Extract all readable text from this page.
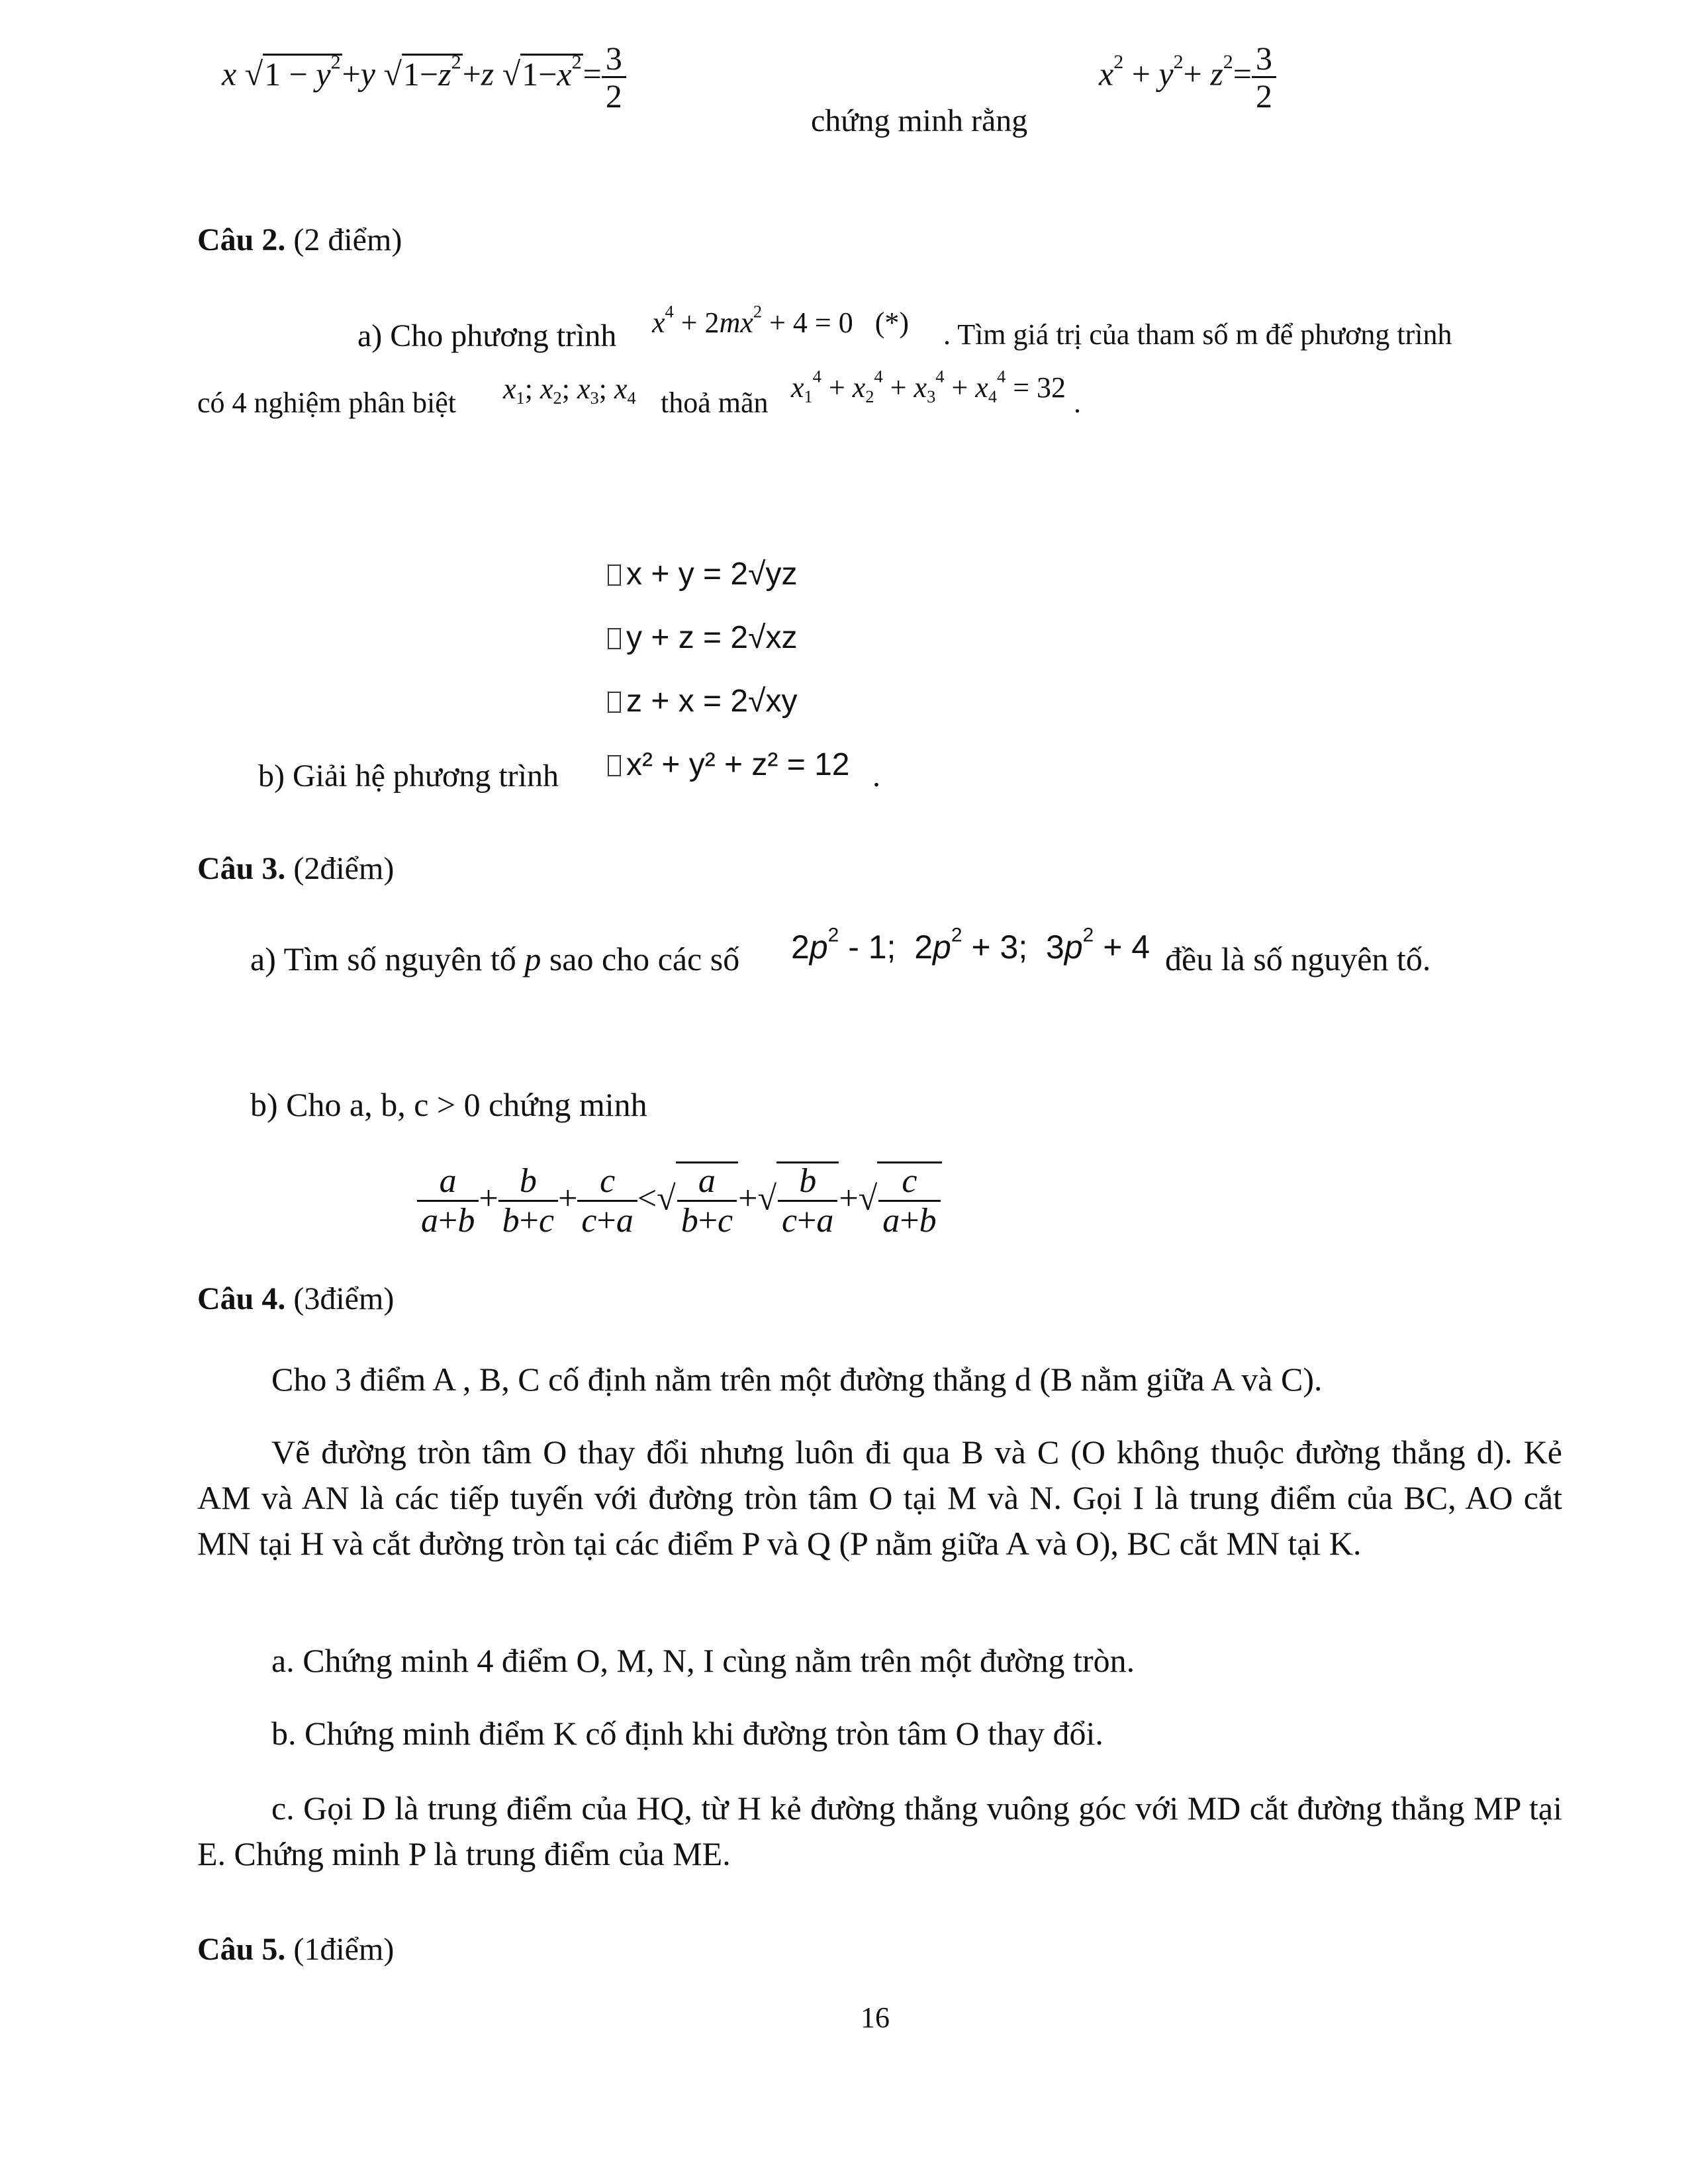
x $√1 - y^2+y$ $√1-z^2+z$ $√1-x^2= \frac{3}{2}$
chứng minh rằng
$x^2 + y^2+ z^2= \frac{3}{2}$
Câu 2. (2 điểm)
a) Cho phương trình $x^4 + 2mx^2 + 4 = 0$   (*) . Tìm giá trị của tham số m để phương trình
có 4 nghiệm phân biệt $x_1$; $x_2$; $x_3$; $x_4$ thoả mãn $x_1^4 + x_2^4 + x_3^4 + x_4^4 = 32$ .
x + y = 2√yz
y + z = 2√xz
z + x = 2√xy
x² + y² + z² = 12
b) Giải hệ phương trình	.
Câu 3. (2điểm)
a) Tìm số nguyên tố p sao cho các số $2p^2 - 1$;  $2p^2 + 3$;  $3p^2 + 4$ đều là số nguyên tố.
b) Cho a, b, c > 0 chứng minh
$\frac{a}{a+b} + \frac{b}{b+c} + \frac{c}{c+a}$ <√ $\frac{a}{b+c}$ +√ $\frac{b}{c+a}$ +√ $\frac{c}{a+b}$
Câu 4. (3điểm)
Cho 3 điểm A , B, C cố định nằm trên một đường thẳng d (B nằm giữa A và C).
Vẽ đường tròn tâm O thay đổi nhưng luôn đi qua B và C (O không thuộc đường thẳng d). Kẻ AM và AN là các tiếp tuyến với đường tròn tâm O tại M và N. Gọi I là trung điểm của BC, AO cắt MN tại H và cắt đường tròn tại các điểm P và Q (P nằm giữa A và O), BC cắt MN tại K.
a. Chứng minh 4 điểm O, M, N, I cùng nằm trên một đường tròn.
b. Chứng minh điểm K cố định khi đường tròn tâm O thay đổi.
c. Gọi D là trung điểm của HQ, từ H kẻ đường thẳng vuông góc với MD cắt đường thẳng MP tại E. Chứng minh P là trung điểm của ME.
Câu 5. (1điểm)
16
